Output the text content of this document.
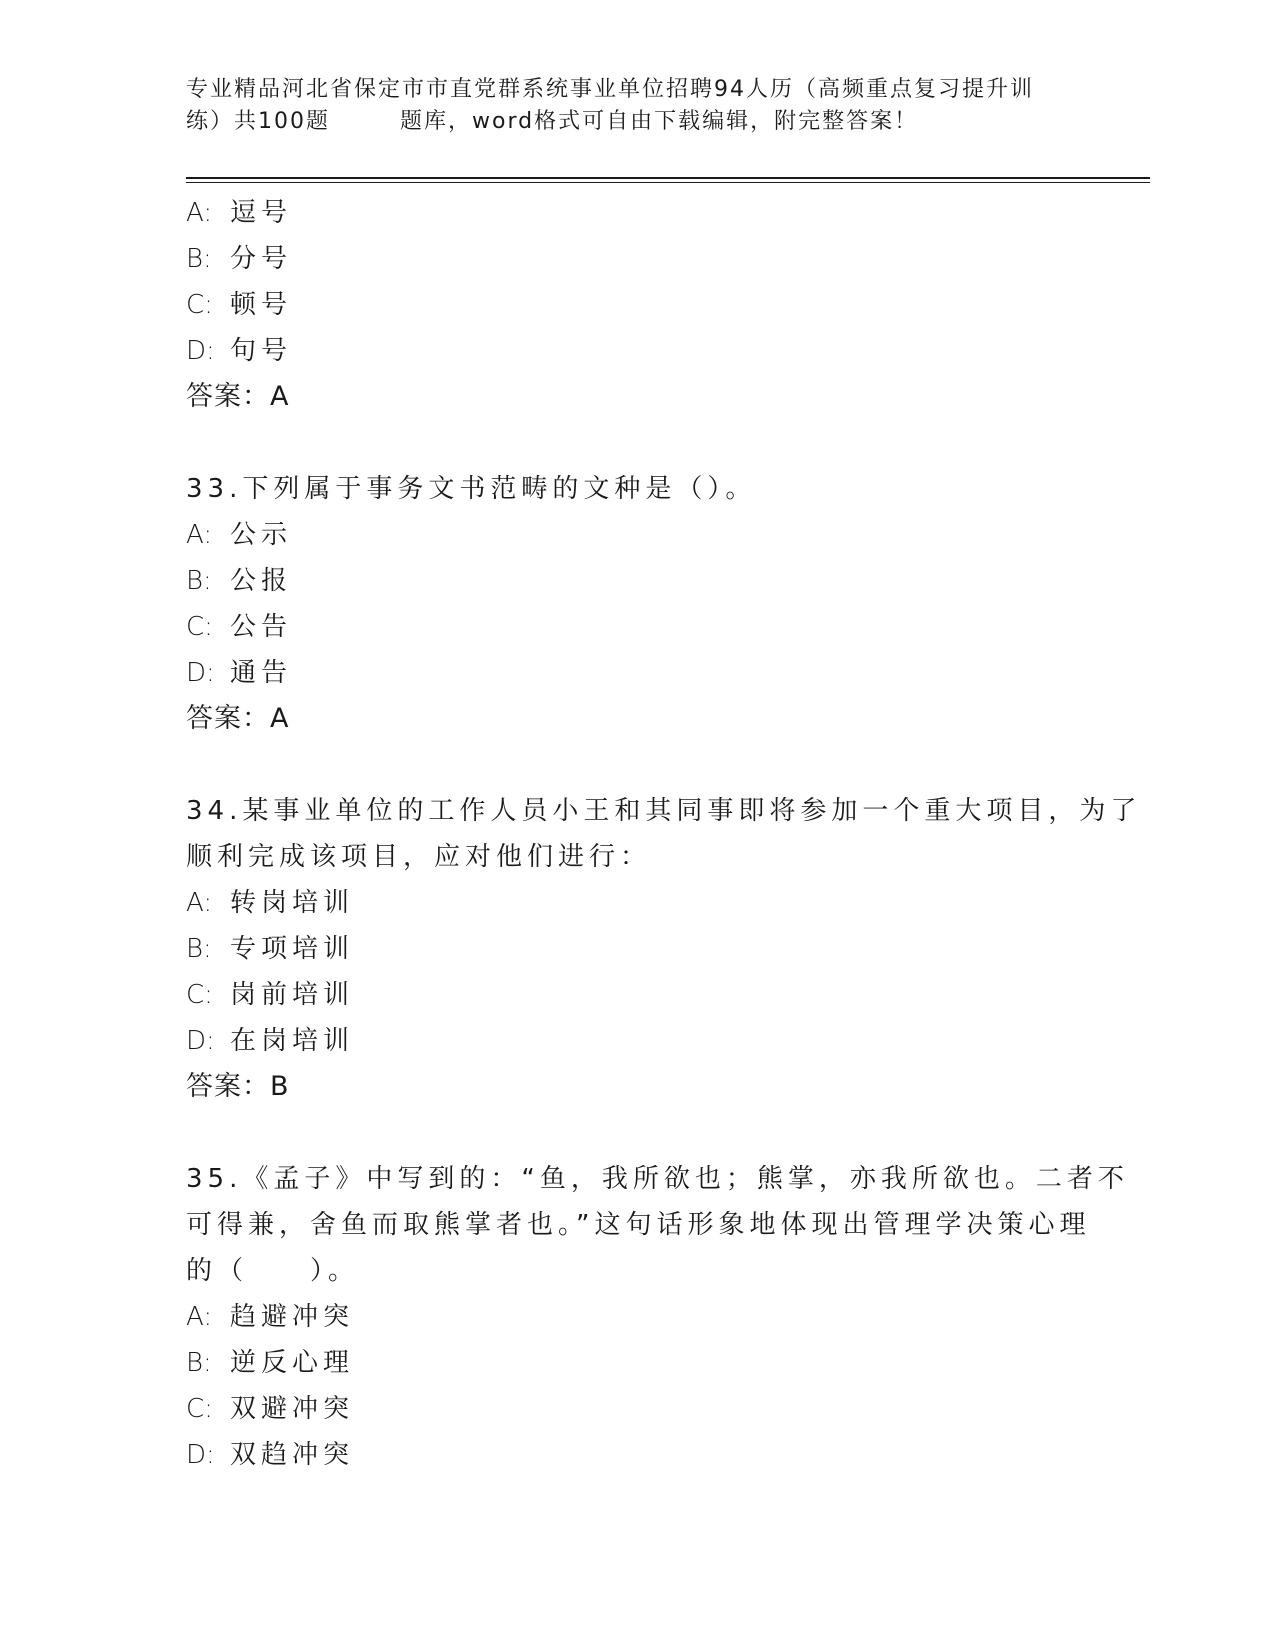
专业精品河北省保定市市直党群系统事业单位招聘94人历（高频重点复习提升训
练）共100题	题库，word格式可自由下载编辑，附完整答案！
A: 逗号
B: 分号
C: 顿号
D: 句号
答案：A
33.下列属于事务文书范畴的文种是（）。
A: 公示
B: 公报
C: 公告
D: 通告
答案：A
34.某事业单位的工作人员小王和其同事即将参加一个重大项目，为了
顺利完成该项目，应对他们进行：
A: 转岗培训
B: 专项培训
C: 岗前培训
D: 在岗培训
答案：B
35.《孟子》中写到的：“鱼，我所欲也；熊掌，亦我所欲也。二者不
可得兼，舍鱼而取熊掌者也。”这句话形象地体现出管理学决策心理
的（　　）。
A: 趋避冲突
B: 逆反心理
C: 双避冲突
D: 双趋冲突
